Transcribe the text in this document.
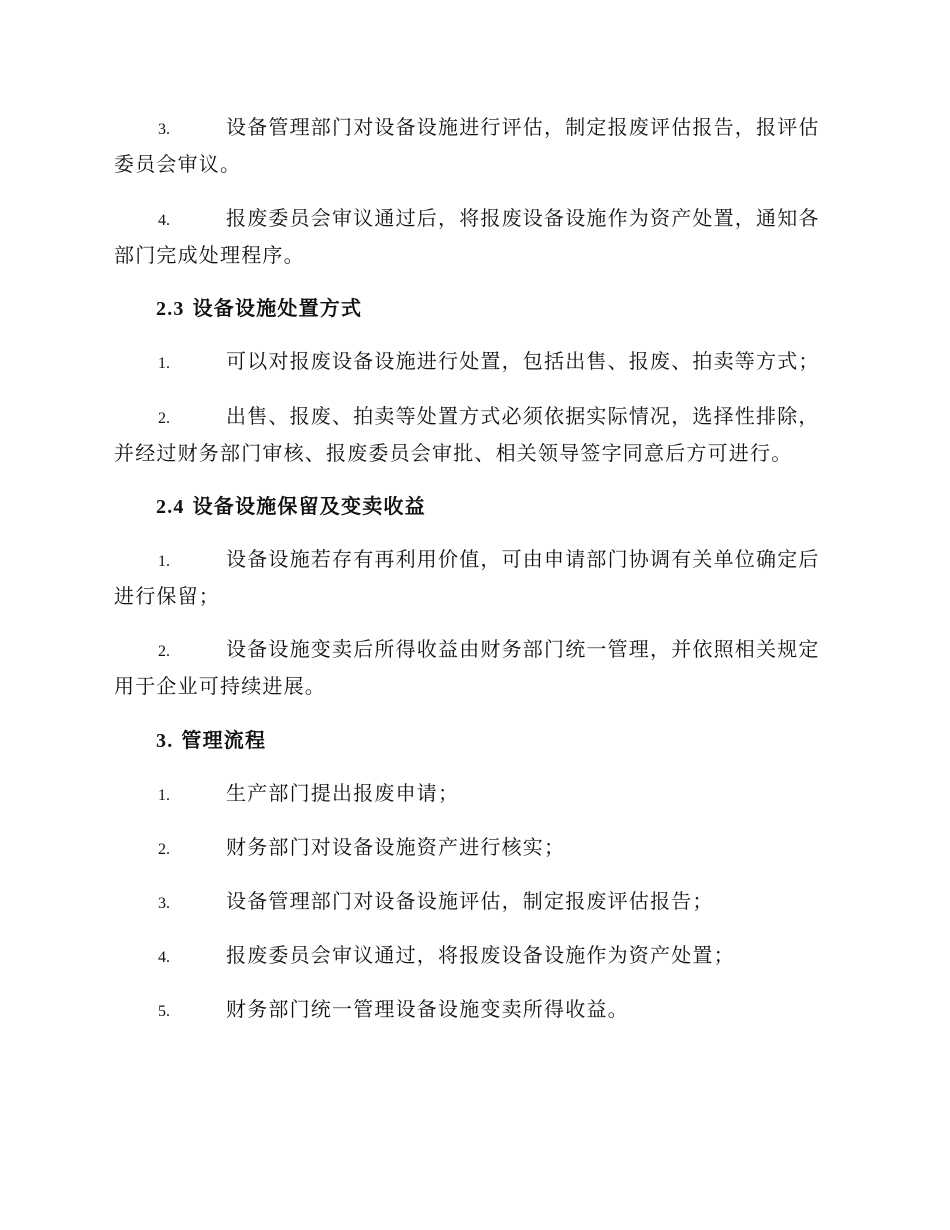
3.	设备管理部门对设备设施进行评估，制定报废评估报告，报评估委员会审议。
4.	报废委员会审议通过后，将报废设备设施作为资产处置，通知各部门完成处理程序。
2.3 设备设施处置方式
1.	可以对报废设备设施进行处置，包括出售、报废、拍卖等方式；
2.	出售、报废、拍卖等处置方式必须依据实际情况，选择性排除，并经过财务部门审核、报废委员会审批、相关领导签字同意后方可进行。
2.4 设备设施保留及变卖收益
1.	设备设施若存有再利用价值，可由申请部门协调有关单位确定后进行保留；
2.	设备设施变卖后所得收益由财务部门统一管理，并依照相关规定用于企业可持续进展。
3. 管理流程
1.	生产部门提出报废申请；
2.	财务部门对设备设施资产进行核实；
3.	设备管理部门对设备设施评估，制定报废评估报告；
4.	报废委员会审议通过，将报废设备设施作为资产处置；
5.	财务部门统一管理设备设施变卖所得收益。
